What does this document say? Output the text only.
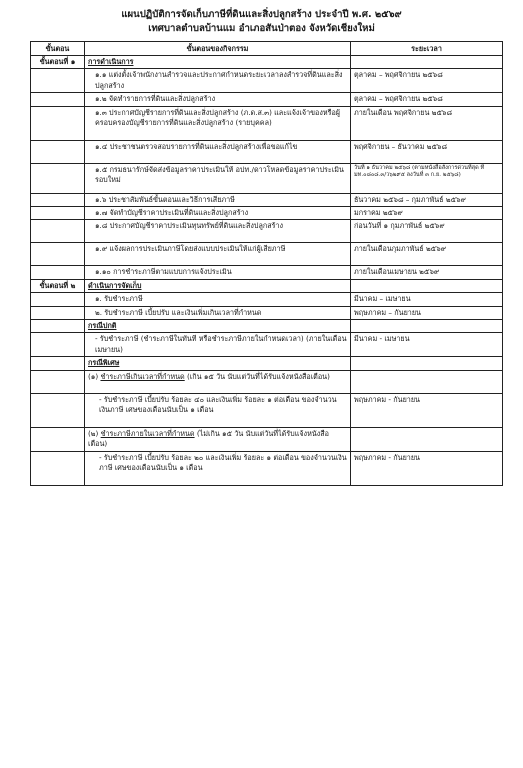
แผนปฏิบัติการจัดเก็บภาษีที่ดินและสิ่งปลูกสร้าง ประจำปี พ.ศ. ๒๕๖๙
เทศบาลตำบลบ้านแม อำเภอสันป่าตอง จังหวัดเชียงใหม่
ขั้นตอน	ขั้นตอนของกิจกรรม	ระยะเวลา
ขั้นตอนที่ ๑	การดำเนินการ	
	๑.๑ แต่งตั้งเจ้าพนักงานสำรวจและประกาศกำหนดระยะเวลาลงสำรวจที่ดินและสิ่งปลูกสร้าง	ตุลาคม – พฤศจิกายน ๒๕๖๘
	๑.๒ จัดทำรายการที่ดินและสิ่งปลูกสร้าง	ตุลาคม – พฤศจิกายน ๒๕๖๘
	๑.๓ ประกาศบัญชีรายการที่ดินและสิ่งปลูกสร้าง (ภ.ด.ส.๓) และแจ้งเจ้าของหรือผู้ครอบครองบัญชีรายการที่ดินและสิ่งปลูกสร้าง (รายบุคคล)	ภายในเดือน พฤศจิกายน ๒๕๖๘
	๑.๔ ประชาชนตรวจสอบรายการที่ดินและสิ่งปลูกสร้างเพื่อขอแก้ไข	พฤศจิกายน – ธันวาคม ๒๕๖๘
	๑.๕ กรมธนารักษ์จัดส่งข้อมูลราคาประเมินให้ อปท./ดาวโหลดข้อมูลราคาประเมินรอบใหม่	วันที่ ๑ ธันวาคม ๒๕๖๘ (ตามหนังสือสั่งการด่วนที่สุด ที่ มท.๐๘๐๘.๓/ว๖๒๙๕ ลงวันที่ ๓ ก.ย. ๒๕๖๘)
	๑.๖ ประชาสัมพันธ์ขั้นตอนและวิธีการเสียภาษี	ธันวาคม ๒๕๖๘ – กุมภาพันธ์ ๒๕๖๙
	๑.๗ จัดทำบัญชีราคาประเมินที่ดินและสิ่งปลูกสร้าง	มกราคม ๒๕๖๙
	๑.๘ ประกาศบัญชีราคาประเมินทุนทรัพย์ที่ดินและสิ่งปลูกสร้าง	ก่อนวันที่ ๑ กุมภาพันธ์ ๒๕๖๙
	๑.๙ แจ้งผลการประเมินภาษีโดยส่งแบบประเมินให้แก่ผู้เสียภาษี	ภายในเดือนกุมภาพันธ์ ๒๕๖๙
	๑.๑๐ การชำระภาษีตามแบบการแจ้งประเมิน	ภายในเดือนเมษายน ๒๕๖๙
ขั้นตอนที่ ๒	ดำเนินการจัดเก็บ	
	๑. รับชำระภาษี	มีนาคม – เมษายน
	๒. รับชำระภาษี เบี้ยปรับ และเงินเพิ่มเกินเวลาที่กำหนด	พฤษภาคม – กันยายน
	กรณีปกติ	
	- รับชำระภาษี (ชำระภาษีในทันที หรือชำระภาษีภายในกำหนดเวลา) (ภายในเดือนเมษายน)	มีนาคม - เมษายน
	กรณีพิเศษ	
	(๑) ชำระภาษีเกินเวลาที่กำหนด (เกิน ๑๕ วัน นับแต่วันที่ได้รับแจ้งหนังสือเตือน)	
	- รับชำระภาษี เบี้ยปรับ ร้อยละ ๔๐ และเงินเพิ่ม ร้อยละ ๑ ต่อเดือน ของจำนวนเงินภาษี เศษของเดือนนับเป็น ๑ เดือน	พฤษภาคม - กันยายน
	(๒) ชำระภาษีภายในเวลาที่กำหนด (ไม่เกิน ๑๕ วัน นับแต่วันที่ได้รับแจ้งหนังสือเตือน)	
	- รับชำระภาษี เบี้ยปรับ ร้อยละ ๒๐ และเงินเพิ่ม ร้อยละ ๑ ต่อเดือน ของจำนวนเงินภาษี เศษของเดือนนับเป็น ๑ เดือน	พฤษภาคม - กันยายน
